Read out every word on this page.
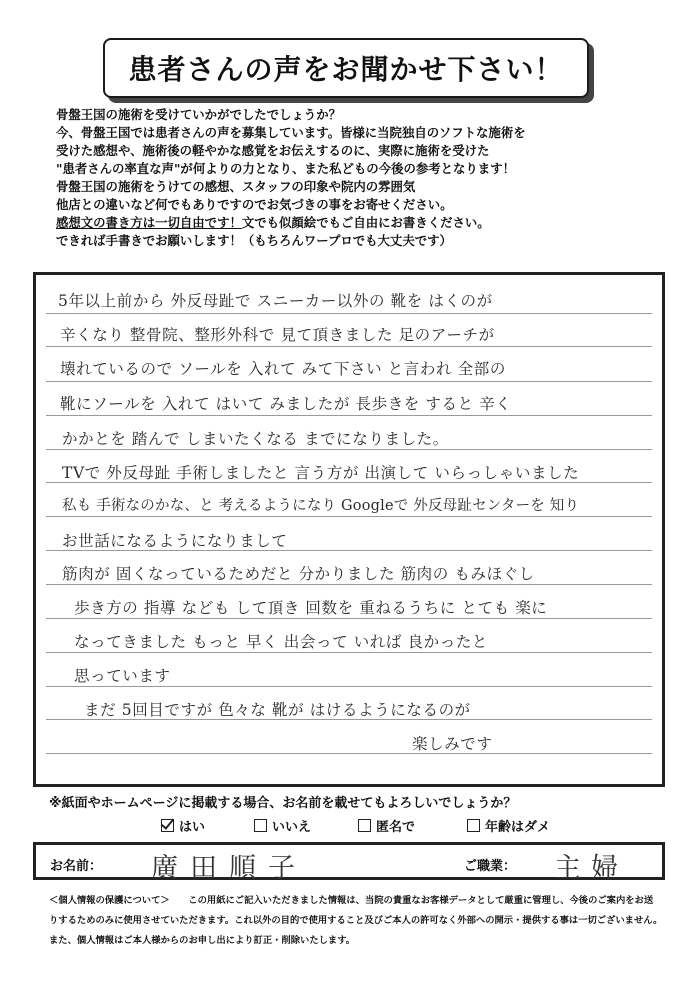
患者さんの声をお聞かせ下さい！
骨盤王国の施術を受けていかがでしたでしょうか？
今、骨盤王国では患者さんの声を募集しています。皆様に当院独自のソフトな施術を
受けた感想や、施術後の軽やかな感覚をお伝えするのに、実際に施術を受けた
"患者さんの率直な声"が何よりの力となり、また私どもの今後の参考となります！
骨盤王国の施術をうけての感想、スタッフの印象や院内の雰囲気
他店との違いなど何でもありですのでお気づきの事をお寄せください。
感想文の書き方は一切自由です！文でも似顔絵でもご自由にお書きください。
できれば手書きでお願いします！（もちろんワープロでも大丈夫です）
5年以上前から 外反母趾で スニーカー以外の 靴を はくのが
辛くなり 整骨院、整形外科で 見て頂きました 足のアーチが
壊れているので ソールを 入れて みて下さい と言われ 全部の
靴にソールを 入れて はいて みましたが 長歩きを すると 辛く
かかとを 踏んで しまいたくなる までになりました。
TVで 外反母趾 手術しましたと 言う方が 出演して いらっしゃいました
私も 手術なのかな、と 考えるようになり Googleで 外反母趾センターを 知り
お世話になるようになりまして
筋肉が 固くなっているためだと 分かりました 筋肉の もみほぐし
歩き方の 指導 なども して頂き 回数を 重ねるうちに とても 楽に
なってきました もっと 早く 出会って いれば 良かったと
思っています
まだ 5回目ですが 色々な 靴が はけるようになるのが
楽しみです
※紙面やホームページに掲載する場合、お名前を載せてもよろしいでしょうか？
はい	いいえ	匿名で	年齢はダメ
お名前： 廣田順子	ご職業： 主婦
＜個人情報の保護について＞　　 この用紙にご記入いただきました情報は、当院の貴重なお客様データとして厳重に管理し、今後のご案内をお送
りするためのみに使用させていただきます。これ以外の目的で使用すること及びご本人の許可なく外部への開示・提供する事は一切ございません。
また、個人情報はご本人様からのお申し出により訂正・削除いたします。
